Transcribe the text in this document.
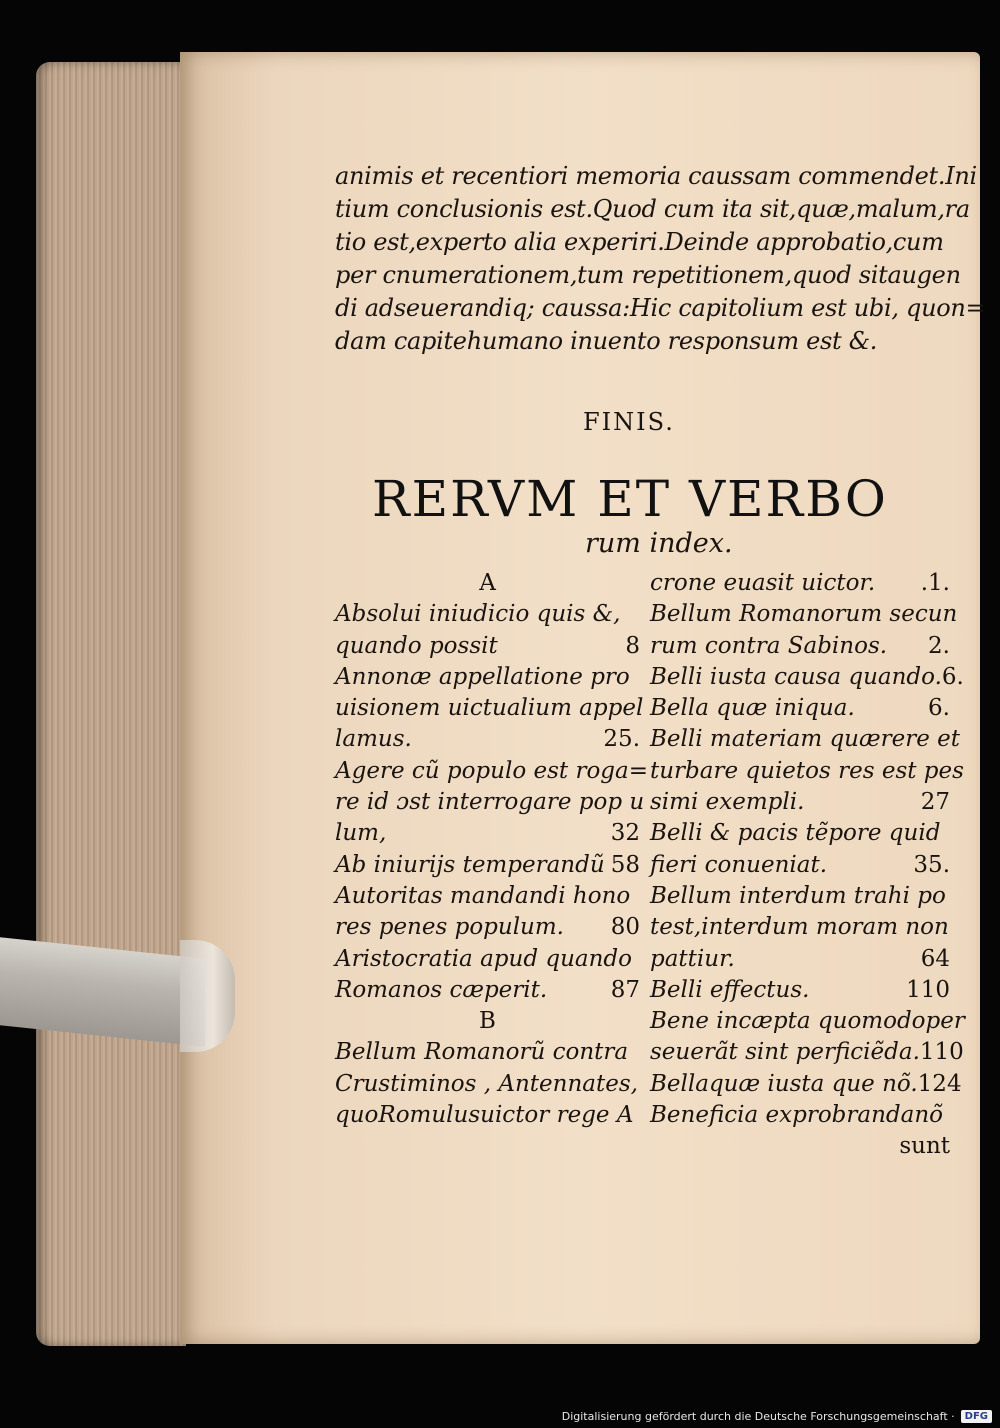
animis et recentiori memoria caussam commendet.Ini
tium conclusionis est.Quod cum ita sit,quæ,malum,ra
tio est,experto alia experiri.Deinde approbatio,cum
per cnumerationem,tum repetitionem,quod sitaugen
di adseuerandiq; caussa:Hic capitolium est ubi, quon=
dam capitehumano inuento responsum est &.
FINIS.
RERVM ET VERBO
rum index.
A
Absolui iniudicio quis &,
quando possit	8
Annonæ appellatione pro
uisionem uictualium appel
lamus.	25.
Agere cũ populo est roga=
re id ɔst interrogare pop u
lum,	32
Ab iniurijs temperandũ 58
Autoritas mandandi hono
res penes populum. 80
Aristocratia apud quando
Romanos cæperit.	87
B
Bellum Romanorũ contra
Crustiminos , Antennates,
quoRomulusuictor rege A
crone euasit uictor. .1.
Bellum Romanorum secun
rum contra Sabinos. 2.
Belli iusta causa quando. 6.
Bella quæ iniqua.	6.
Belli materiam quærere et
turbare quietos res est pes
simi exempli.	27
Belli & pacis tẽpore quid
fieri conueniat.	35.
Bellum interdum trahi po
test,interdum moram non
pattiur.	64
Belli effectus.	110
Bene incæpta quomodoper
seuerãt sint perficiẽda. 110
Bellaquæ iusta que nõ. 124
Beneficia exprobrandanõ
sunt
Digitalisierung gefördert durch die Deutsche Forschungsgemeinschaft ·	DFG
